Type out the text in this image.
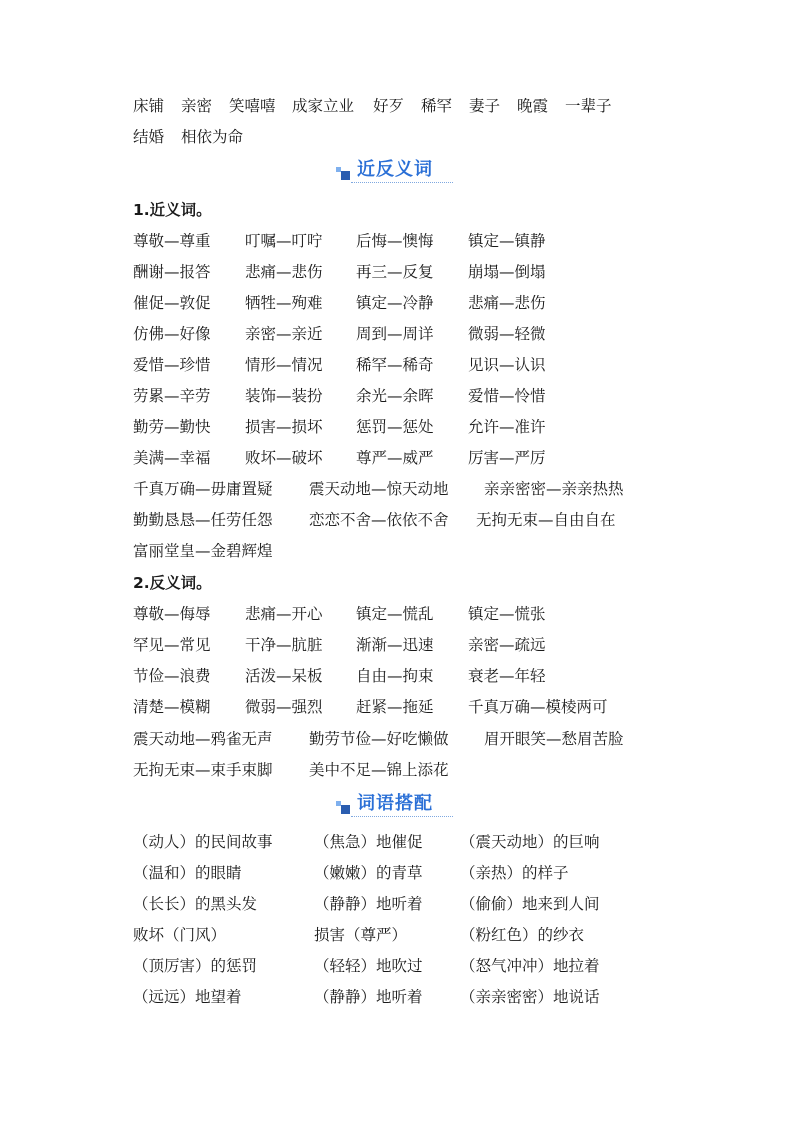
床铺 亲密 笑嘻嘻 成家立业 好歹 稀罕 妻子 晚霞 一辈子
结婚 相依为命
近反义词
1.近义词。
尊敬—尊重 叮嘱—叮咛 后悔—懊悔 镇定—镇静
酬谢—报答 悲痛—悲伤 再三—反复 崩塌—倒塌
催促—敦促 牺牲—殉难 镇定—冷静 悲痛—悲伤
仿佛—好像 亲密—亲近 周到—周详 微弱—轻微
爱惜—珍惜 情形—情况 稀罕—稀奇 见识—认识
劳累—辛劳 装饰—装扮 余光—余晖 爱惜—怜惜
勤劳—勤快 损害—损坏 惩罚—惩处 允许—准许
美满—幸福 败坏—破坏 尊严—威严 厉害—严厉
千真万确—毋庸置疑 震天动地—惊天动地 亲亲密密—亲亲热热
勤勤恳恳—任劳任怨 恋恋不舍—依依不舍 无拘无束—自由自在
富丽堂皇—金碧辉煌
2.反义词。
尊敬—侮辱 悲痛—开心 镇定—慌乱 镇定—慌张
罕见—常见 干净—肮脏 渐渐—迅速 亲密—疏远
节俭—浪费 活泼—呆板 自由—拘束 衰老—年轻
清楚—模糊 微弱—强烈 赶紧—拖延 千真万确—模棱两可
震天动地—鸦雀无声 勤劳节俭—好吃懒做 眉开眼笑—愁眉苦脸
无拘无束—束手束脚 美中不足—锦上添花
词语搭配
（动人）的民间故事	（焦急）地催促 （震天动地）的巨响
（温和）的眼睛	（嫩嫩）的青草 （亲热）的样子
（长长）的黑头发	（静静）地听着 （偷偷）地来到人间
败坏（门风）	损害（尊严）	（粉红色）的纱衣
（顶厉害）的惩罚	（轻轻）地吹过 （怒气冲冲）地拉着
（远远）地望着	（静静）地听着 （亲亲密密）地说话
